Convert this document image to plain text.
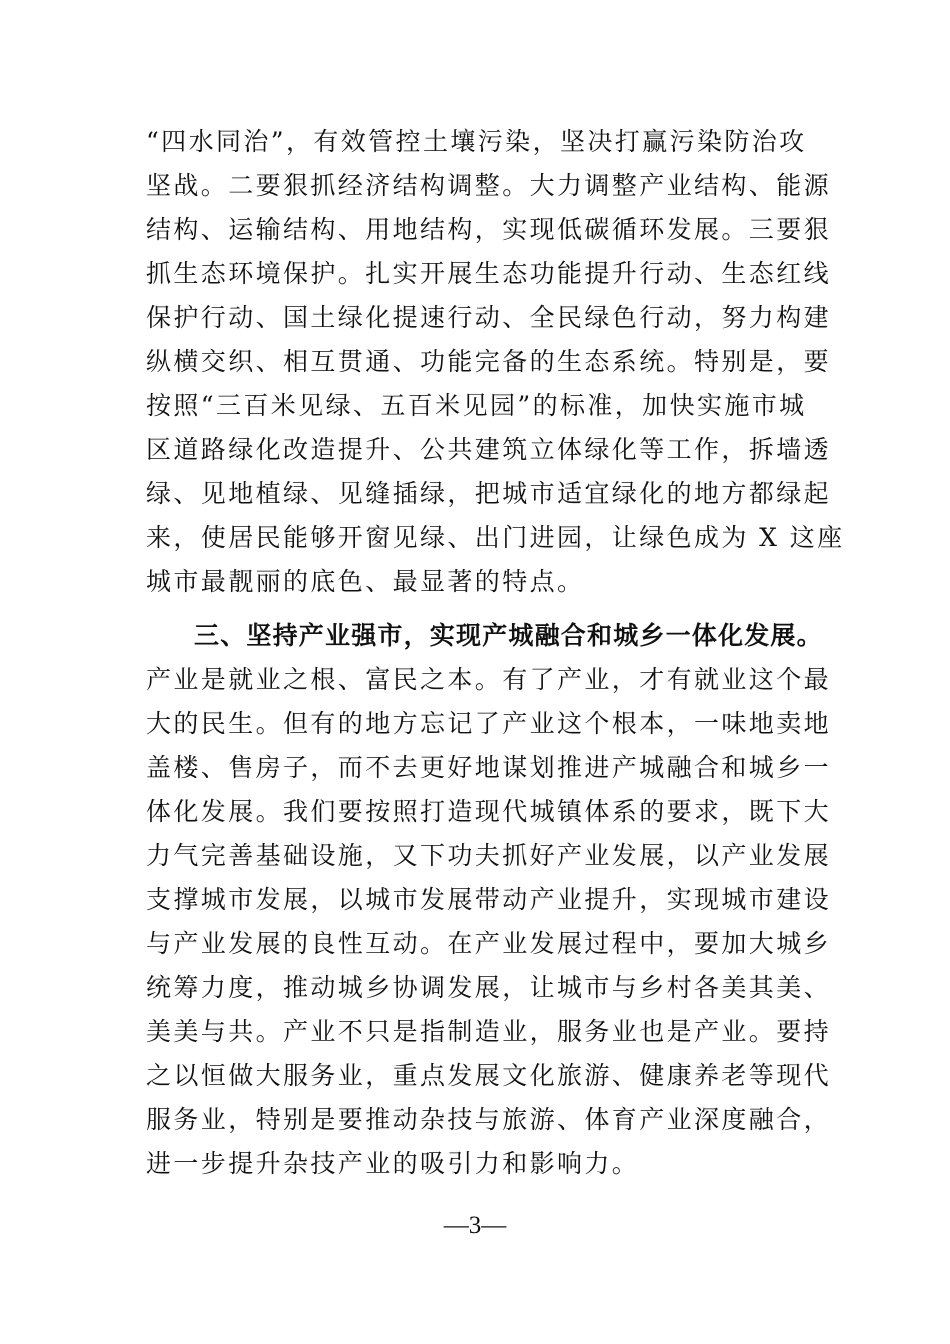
“四水同治”，有效管控土壤污染，坚决打赢污染防治攻
坚战。二要狠抓经济结构调整。大力调整产业结构、能源
结构、运输结构、用地结构，实现低碳循环发展。三要狠
抓生态环境保护。扎实开展生态功能提升行动、生态红线
保护行动、国土绿化提速行动、全民绿色行动，努力构建
纵横交织、相互贯通、功能完备的生态系统。特别是，要
按照“三百米见绿、五百米见园”的标准，加快实施市城
区道路绿化改造提升、公共建筑立体绿化等工作，拆墙透
绿、见地植绿、见缝插绿，把城市适宜绿化的地方都绿起
来，使居民能够开窗见绿、出门进园，让绿色成为 X 这座
城市最靓丽的底色、最显著的特点。
三、坚持产业强市，实现产城融合和城乡一体化发展。
产业是就业之根、富民之本。有了产业，才有就业这个最
大的民生。但有的地方忘记了产业这个根本，一味地卖地
盖楼、售房子，而不去更好地谋划推进产城融合和城乡一
体化发展。我们要按照打造现代城镇体系的要求，既下大
力气完善基础设施，又下功夫抓好产业发展，以产业发展
支撑城市发展，以城市发展带动产业提升，实现城市建设
与产业发展的良性互动。在产业发展过程中，要加大城乡
统筹力度，推动城乡协调发展，让城市与乡村各美其美、
美美与共。产业不只是指制造业，服务业也是产业。要持
之以恒做大服务业，重点发展文化旅游、健康养老等现代
服务业，特别是要推动杂技与旅游、体育产业深度融合，
进一步提升杂技产业的吸引力和影响力。
—3—
